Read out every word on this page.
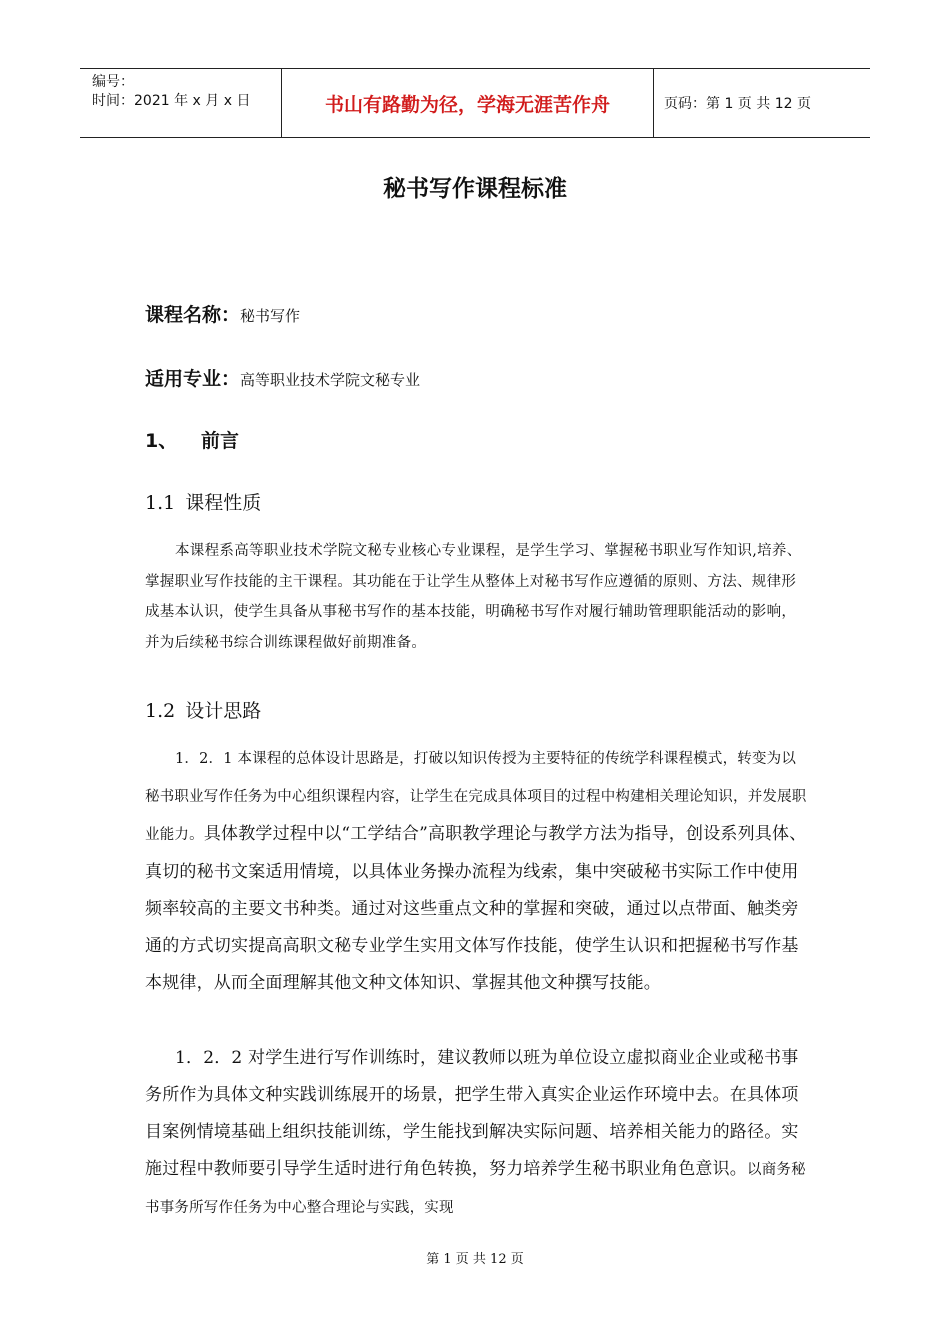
编号：
时间：2021 年 x 月 x 日	书山有路勤为径，学海无涯苦作舟	页码：第 1 页 共 12 页
秘书写作课程标准
课程名称：秘书写作
适用专业：高等职业技术学院文秘专业
1、 前言
1.1 课程性质

本课程系高等职业技术学院文秘专业核心专业课程，是学生学习、掌握秘书职业写作知识,培养、掌握职业写作技能的主干课程。其功能在于让学生从整体上对秘书写作应遵循的原则、方法、规律形成基本认识，使学生具备从事秘书写作的基本技能，明确秘书写作对履行辅助管理职能活动的影响，并为后续秘书综合训练课程做好前期准备。

1.2 设计思路

1．2．1 本课程的总体设计思路是，打破以知识传授为主要特征的传统学科课程模式，转变为以秘书职业写作任务为中心组织课程内容，让学生在完成具体项目的过程中构建相关理论知识，并发展职业能力。具体教学过程中以“工学结合”高职教学理论与教学方法为指导，创设系列具体、真切的秘书文案适用情境，以具体业务操办流程为线索，集中突破秘书实际工作中使用频率较高的主要文书种类。通过对这些重点文种的掌握和突破，通过以点带面、触类旁通的方式切实提高高职文秘专业学生实用文体写作技能，使学生认识和把握秘书写作基本规律，从而全面理解其他文种文体知识、掌握其他文种撰写技能。

1．2．2 对学生进行写作训练时，建议教师以班为单位设立虚拟商业企业或秘书事务所作为具体文种实践训练展开的场景，把学生带入真实企业运作环境中去。在具体项目案例情境基础上组织技能训练，学生能找到解决实际问题、培养相关能力的路径。实施过程中教师要引导学生适时进行角色转换，努力培养学生秘书职业角色意识。以商务秘书事务所写作任务为中心整合理论与实践，实现

第 1 页 共 12 页
